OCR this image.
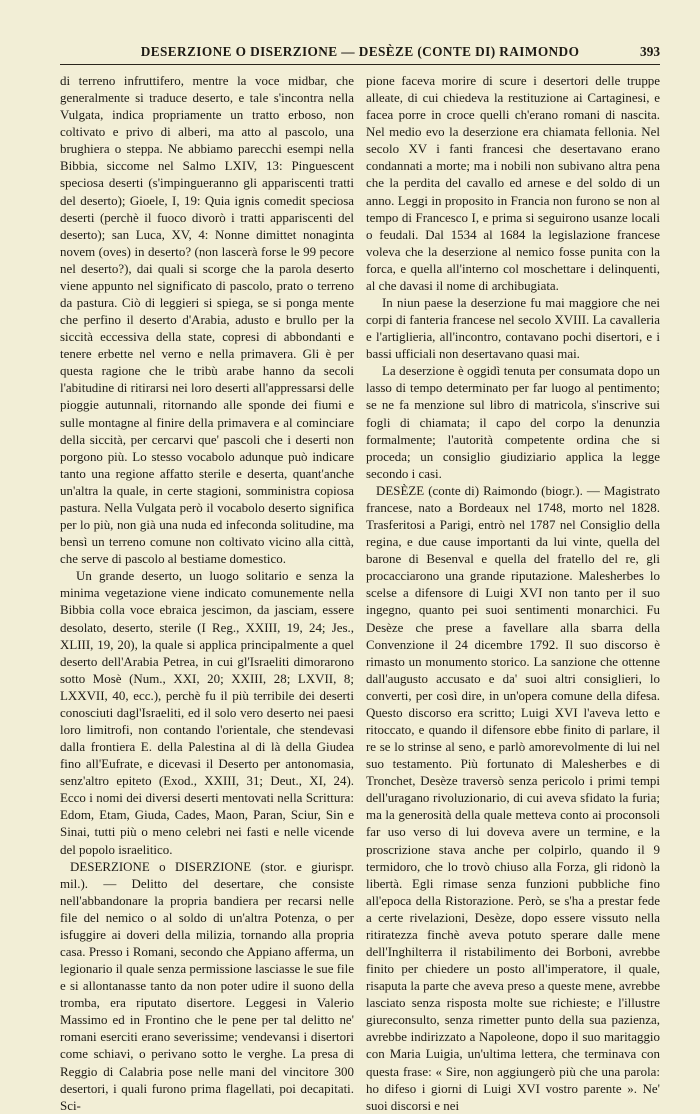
DESERZIONE O DISERZIONE — DESÈZE (CONTE DI) RAIMONDO	393

di terreno infruttifero, mentre la voce midbar, che generalmente si traduce deserto, e tale s'incontra nella Vulgata, indica propriamente un tratto erboso, non coltivato e privo di alberi, ma atto al pascolo, una brughiera o steppa. Ne abbiamo parecchi esempi nella Bibbia, siccome nel Salmo LXIV, 13: Pinguescent speciosa deserti (s'impingueranno gli appariscenti tratti del deserto); Gioele, I, 19: Quia ignis comedit speciosa deserti (perchè il fuoco divorò i tratti appariscenti del deserto); san Luca, XV, 4: Nonne dimittet nonaginta novem (oves) in deserto? (non lascerà forse le 99 pecore nel deserto?), dai quali si scorge che la parola deserto viene appunto nel significato di pascolo, prato o terreno da pastura. Ciò di leggieri si spiega, se si ponga mente che perfino il deserto d'Arabia, adusto e brullo per la siccità eccessiva della state, copresi di abbondanti e tenere erbette nel verno e nella primavera. Gli è per questa ragione che le tribù arabe hanno da secoli l'abitudine di ritirarsi nei loro deserti all'appressarsi delle pioggie autunnali, ritornando alle sponde dei fiumi e sulle montagne al finire della primavera e al cominciare della siccità, per cercarvi que' pascoli che i deserti non porgono più. Lo stesso vocabolo adunque può indicare tanto una regione affatto sterile e deserta, quant'anche un'altra la quale, in certe stagioni, somministra copiosa pastura. Nella Vulgata però il vocabolo deserto significa per lo più, non già una nuda ed infeconda solitudine, ma bensì un terreno comune non coltivato vicino alla città, che serve di pascolo al bestiame domestico.

Un grande deserto, un luogo solitario e senza la minima vegetazione viene indicato comunemente nella Bibbia colla voce ebraica jescimon, da jasciam, essere desolato, deserto, sterile (I Reg., XXIII, 19, 24; Jes., XLIII, 19, 20), la quale si applica principalmente a quel deserto dell'Arabia Petrea, in cui gl'Israeliti dimorarono sotto Mosè (Num., XXI, 20; XXIII, 28; LXVII, 8; LXXVII, 40, ecc.), perchè fu il più terribile dei deserti conosciuti dagl'Israeliti, ed il solo vero deserto nei paesi loro limitrofi, non contando l'orientale, che stendevasi dalla frontiera E. della Palestina al di là della Giudea fino all'Eufrate, e dicevasi il Deserto per antonomasia, senz'altro epiteto (Exod., XXIII, 31; Deut., XI, 24). Ecco i nomi dei diversi deserti mentovati nella Scrittura: Edom, Etam, Giuda, Cades, Maon, Paran, Sciur, Sin e Sinai, tutti più o meno celebri nei fasti e nelle vicende del popolo israelitico.

DESERZIONE o DISERZIONE (stor. e giurispr. mil.). — Delitto del desertare, che consiste nell'abbandonare la propria bandiera per recarsi nelle file del nemico o al soldo di un'altra Potenza, o per isfuggire ai doveri della milizia, tornando alla propria casa. Presso i Romani, secondo che Appiano afferma, un legionario il quale senza permissione lasciasse le sue file e si allontanasse tanto da non poter udire il suono della tromba, era riputato disertore. Leggesi in Valerio Massimo ed in Frontino che le pene per tal delitto ne' romani eserciti erano severissime; vendevansi i disertori come schiavi, o perivano sotto le verghe. La presa di Reggio di Calabria pose nelle mani del vincitore 300 desertori, i quali furono prima flagellati, poi decapitati. Sci-

pione faceva morire di scure i desertori delle truppe alleate, di cui chiedeva la restituzione ai Cartaginesi, e facea porre in croce quelli ch'erano romani di nascita. Nel medio evo la deserzione era chiamata fellonia. Nel secolo XV i fanti francesi che desertavano erano condannati a morte; ma i nobili non subivano altra pena che la perdita del cavallo ed arnese e del soldo di un anno. Leggi in proposito in Francia non furono se non al tempo di Francesco I, e prima si seguirono usanze locali o feudali. Dal 1534 al 1684 la legislazione francese voleva che la deserzione al nemico fosse punita con la forca, e quella all'interno col moschettare i delinquenti, al che davasi il nome di archibugiata.

In niun paese la deserzione fu mai maggiore che nei corpi di fanteria francese nel secolo XVIII. La cavalleria e l'artiglieria, all'incontro, contavano pochi disertori, e i bassi ufficiali non desertavano quasi mai.

La deserzione è oggidì tenuta per consumata dopo un lasso di tempo determinato per far luogo al pentimento; se ne fa menzione sul libro di matricola, s'inscrive sui fogli di chiamata; il capo del corpo la denunzia formalmente; l'autorità competente ordina che si proceda; un consiglio giudiziario applica la legge secondo i casi.

DESÈZE (conte di) Raimondo (biogr.). — Magistrato francese, nato a Bordeaux nel 1748, morto nel 1828. Trasferitosi a Parigi, entrò nel 1787 nel Consiglio della regina, e due cause importanti da lui vinte, quella del barone di Besenval e quella del fratello del re, gli procacciarono una grande riputazione. Malesherbes lo scelse a difensore di Luigi XVI non tanto per il suo ingegno, quanto pei suoi sentimenti monarchici. Fu Desèze che prese a favellare alla sbarra della Convenzione il 24 dicembre 1792. Il suo discorso è rimasto un monumento storico. La sanzione che ottenne dall'augusto accusato e da' suoi altri consiglieri, lo converti, per così dire, in un'opera comune della difesa. Questo discorso era scritto; Luigi XVI l'aveva letto e ritoccato, e quando il difensore ebbe finito di parlare, il re se lo strinse al seno, e parlò amorevolmente di lui nel suo testamento. Più fortunato di Malesherbes e di Tronchet, Desèze traversò senza pericolo i primi tempi dell'uragano rivoluzionario, di cui aveva sfidato la furia; ma la generosità della quale metteva conto ai proconsoli far uso verso di lui doveva avere un termine, e la proscrizione stava anche per colpirlo, quando il 9 termidoro, che lo trovò chiuso alla Forza, gli ridonò la libertà. Egli rimase senza funzioni pubbliche fino all'epoca della Ristorazione. Però, se s'ha a prestar fede a certe rivelazioni, Desèze, dopo essere vissuto nella ritiratezza finchè aveva potuto sperare dalle mene dell'Inghilterra il ristabilimento dei Borboni, avrebbe finito per chiedere un posto all'imperatore, il quale, risaputa la parte che aveva preso a queste mene, avrebbe lasciato senza risposta molte sue richieste; e l'illustre giureconsulto, senza rimetter punto della sua pazienza, avrebbe indirizzato a Napoleone, dopo il suo maritaggio con Maria Luigia, un'ultima lettera, che terminava con questa frase: « Sire, non aggiungerò più che una parola: ho difeso i giorni di Luigi XVI vostro parente ». Ne' suoi discorsi e nei
